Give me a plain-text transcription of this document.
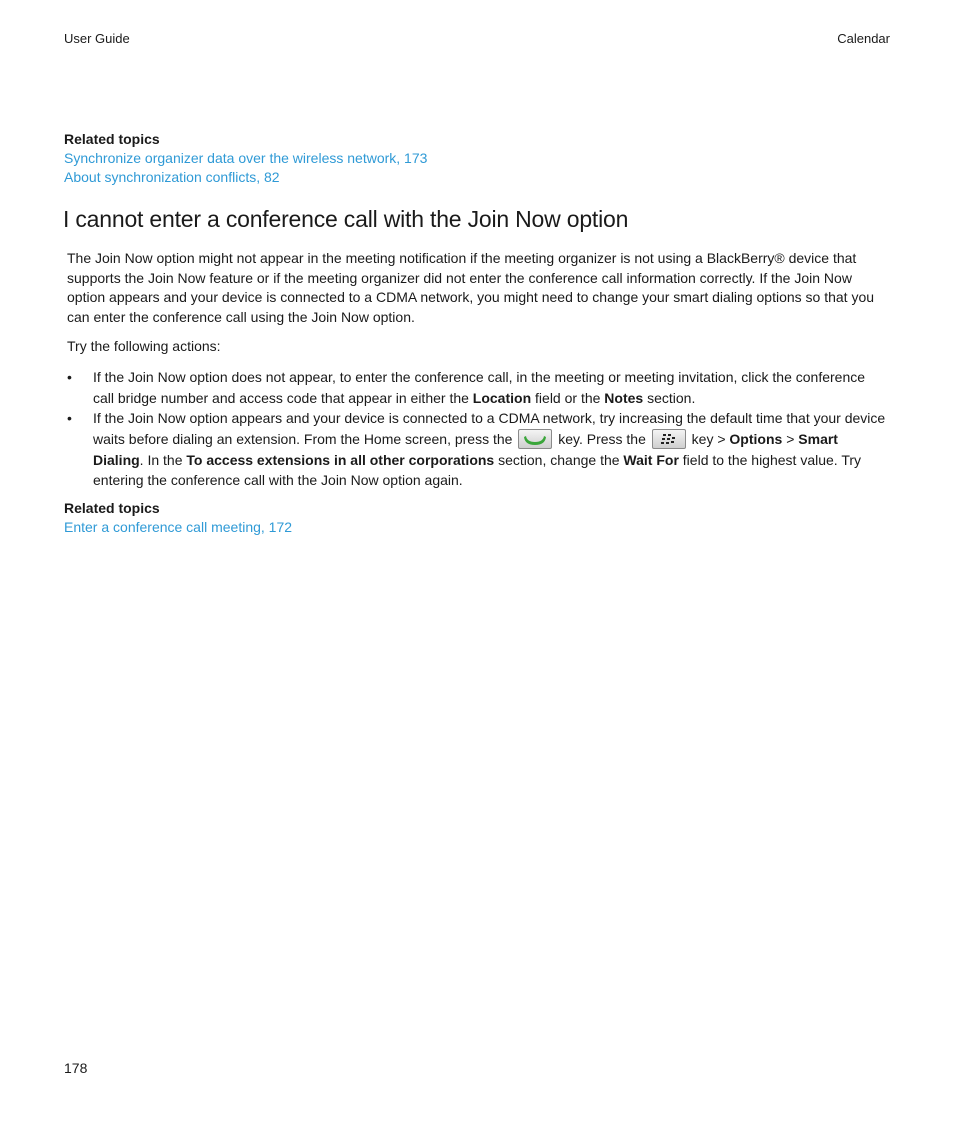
User Guide	Calendar
Related topics
Synchronize organizer data over the wireless network, 173
About synchronization conflicts, 82
I cannot enter a conference call with the Join Now option

The Join Now option might not appear in the meeting notification if the meeting organizer is not using a BlackBerry® device that supports the Join Now feature or if the meeting organizer did not enter the conference call information correctly. If the Join Now option appears and your device is connected to a CDMA network, you might need to change your smart dialing options so that you can enter the conference call using the Join Now option.

Try the following actions:

• If the Join Now option does not appear, to enter the conference call, in the meeting or meeting invitation, click the conference call bridge number and access code that appear in either the Location field or the Notes section.
• If the Join Now option appears and your device is connected to a CDMA network, try increasing the default time that your device waits before dialing an extension. From the Home screen, press the	key. Press the	key > Options > Smart Dialing. In the To access extensions in all other corporations section, change the Wait For field to the highest value. Try entering the conference call with the Join Now option again.
Related topics
Enter a conference call meeting, 172
178
